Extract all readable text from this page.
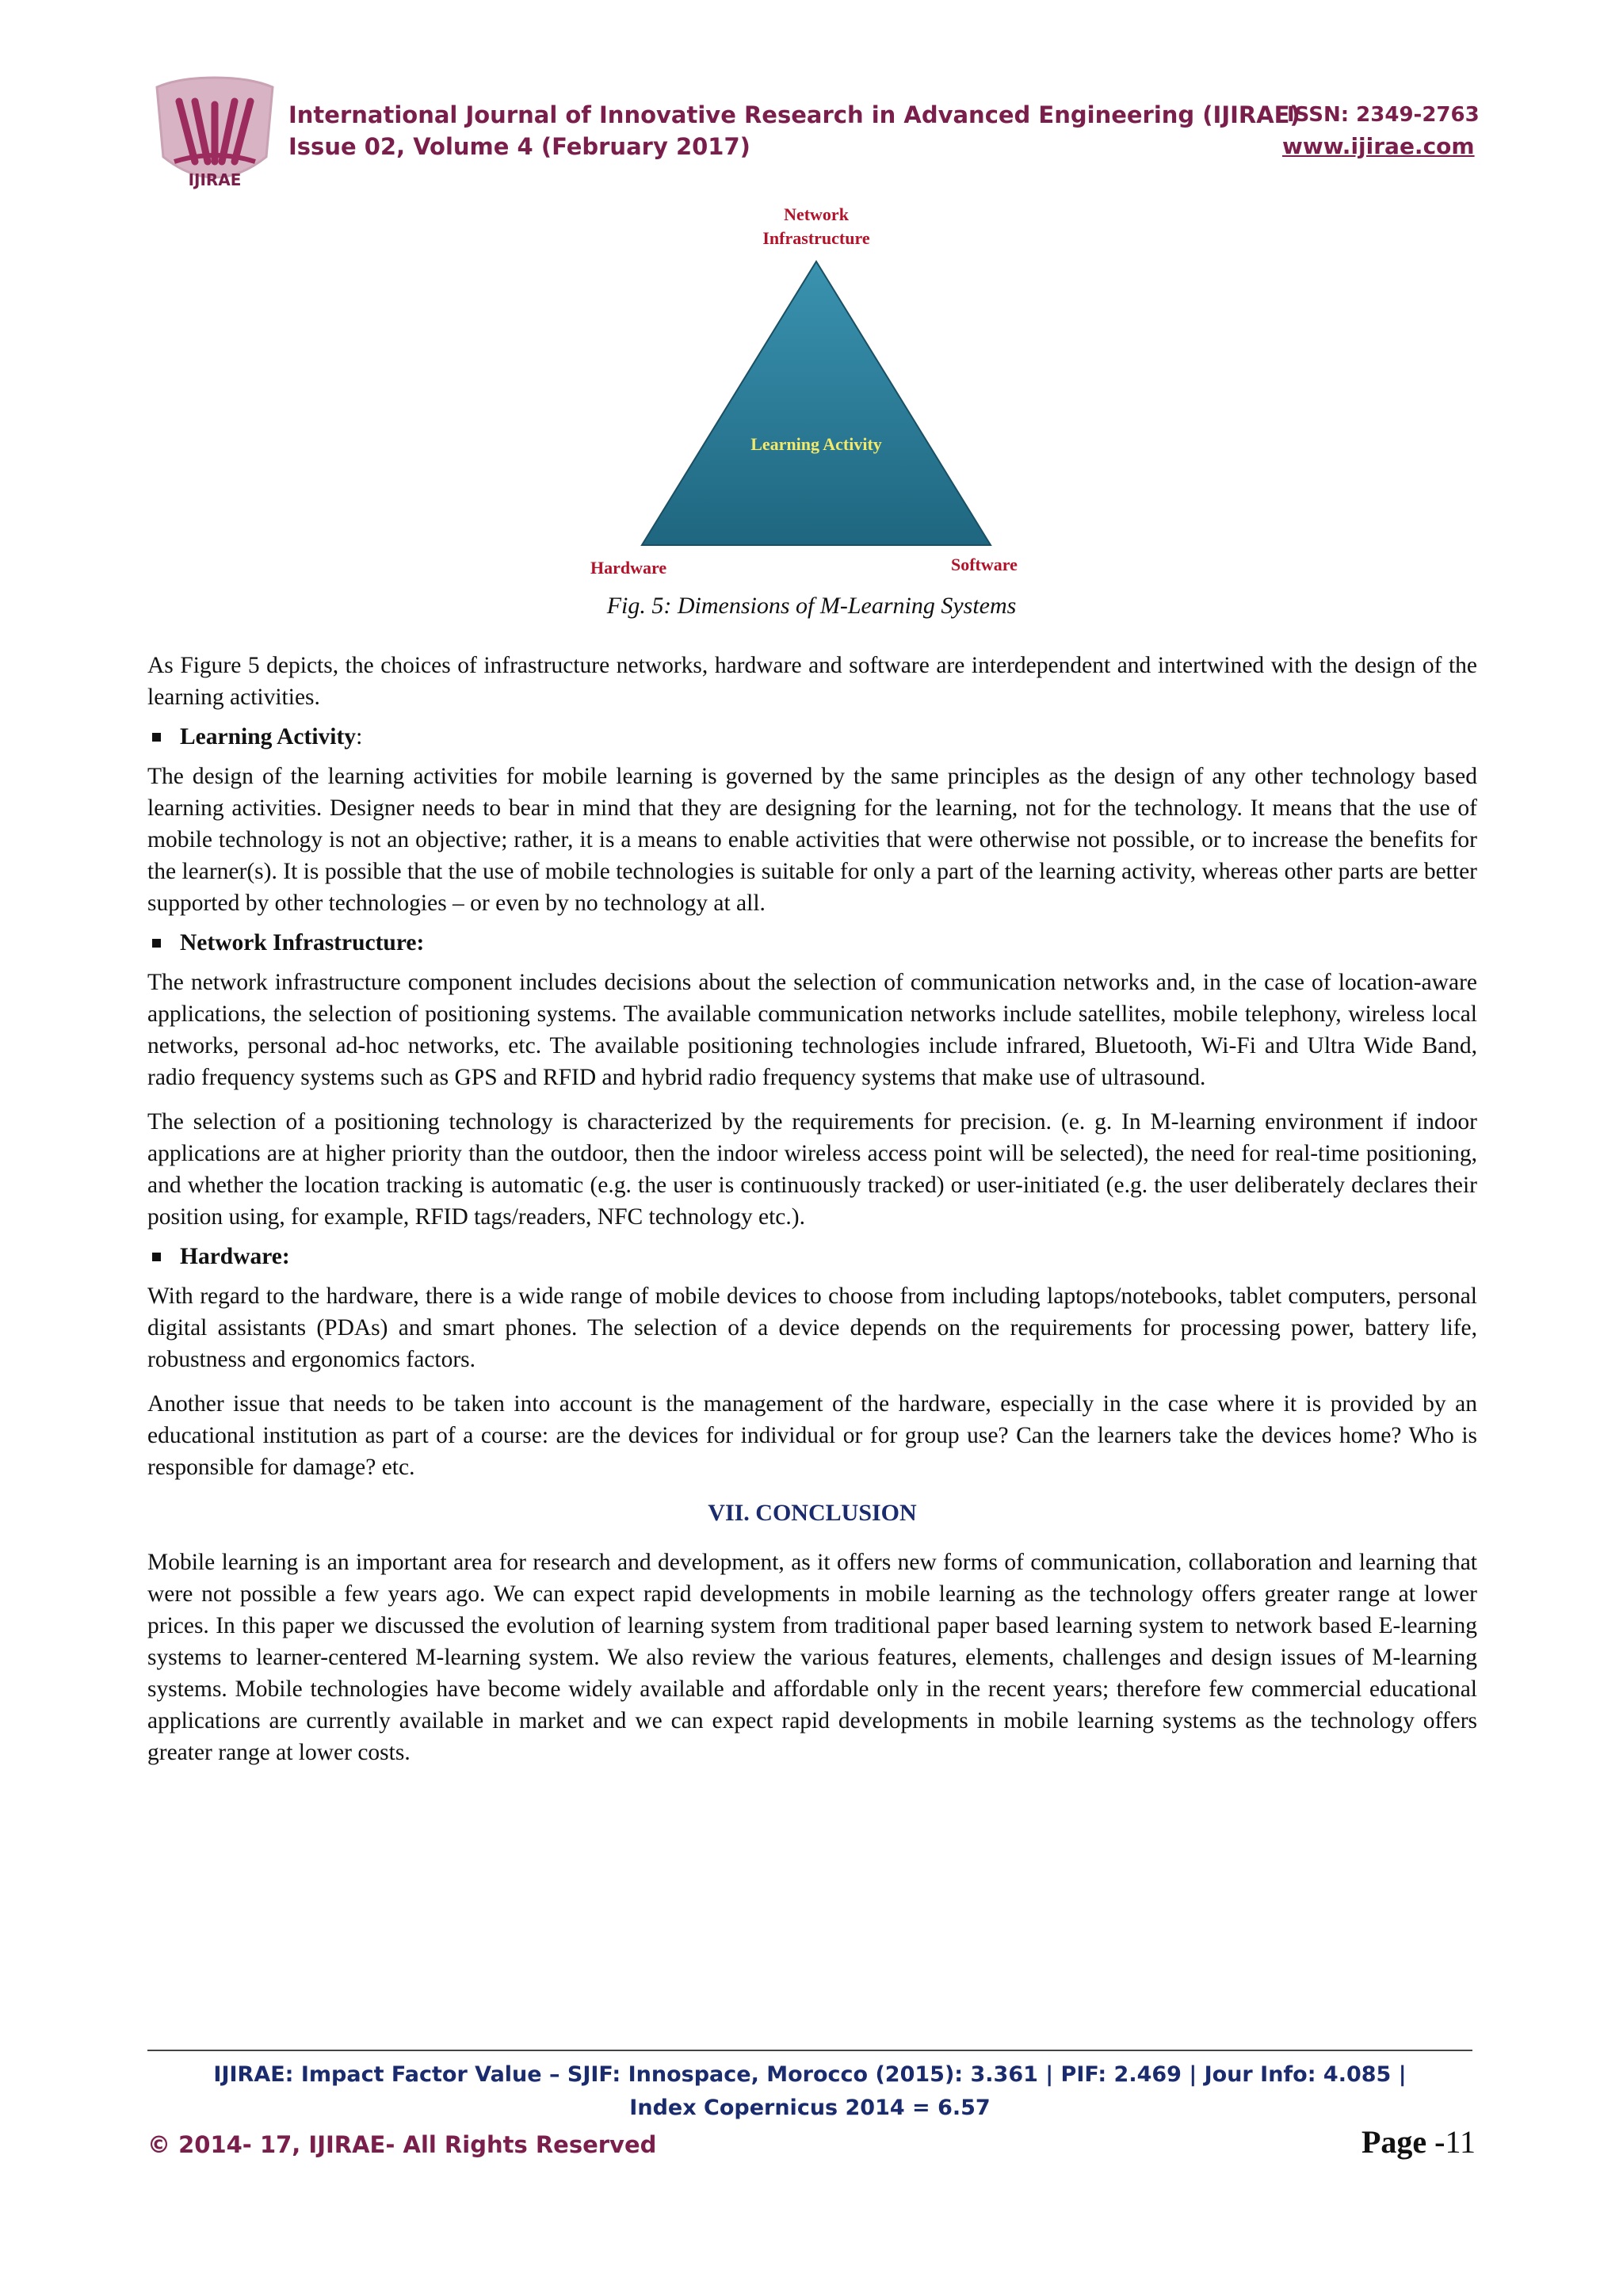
IJIRAE
International Journal of Innovative Research in Advanced Engineering (IJIRAE)
ISSN: 2349-2763
Issue 02, Volume 4 (February 2017)	www.ijirae.com
Network
Infrastructure
Learning Activity
Hardware	Software
Fig. 5: Dimensions of M-Learning Systems

As Figure 5 depicts, the choices of infrastructure networks, hardware and software are interdependent and intertwined with the design of the learning activities.

Learning Activity :

The design of the learning activities for mobile learning is governed by the same principles as the design of any other technology based learning activities. Designer needs to bear in mind that they are designing for the learning, not for the technology. It means that the use of mobile technology is not an objective; rather, it is a means to enable activities that were otherwise not possible, or to increase the benefits for the learner(s). It is possible that the use of mobile technologies is suitable for only a part of the learning activity, whereas other parts are better supported by other technologies – or even by no technology at all.

Network Infrastructure:

The network infrastructure component includes decisions about the selection of communication networks and, in the case of location-aware applications, the selection of positioning systems. The available communication networks include satellites, mobile telephony, wireless local networks, personal ad-hoc networks, etc. The available positioning technologies include infrared, Bluetooth, Wi-Fi and Ultra Wide Band, radio frequency systems such as GPS and RFID and hybrid radio frequency systems that make use of ultrasound.

The selection of a positioning technology is characterized by the requirements for precision. (e. g. In M-learning environment if indoor applications are at higher priority than the outdoor, then the indoor wireless access point will be selected), the need for real-time positioning, and whether the location tracking is automatic (e.g. the user is continuously tracked) or user-initiated (e.g. the user deliberately declares their position using, for example, RFID tags/readers, NFC technology etc.).

Hardware:

With regard to the hardware, there is a wide range of mobile devices to choose from including laptops/notebooks, tablet computers, personal digital assistants (PDAs) and smart phones. The selection of a device depends on the requirements for processing power, battery life, robustness and ergonomics factors.

Another issue that needs to be taken into account is the management of the hardware, especially in the case where it is provided by an educational institution as part of a course: are the devices for individual or for group use? Can the learners take the devices home? Who is responsible for damage? etc.

VII. CONCLUSION

Mobile learning is an important area for research and development, as it offers new forms of communication, collaboration and learning that were not possible a few years ago. We can expect rapid developments in mobile learning as the technology offers greater range at lower prices. In this paper we discussed the evolution of learning system from traditional paper based learning system to network based E-learning systems to learner-centered M-learning system. We also review the various features, elements, challenges and design issues of M-learning systems. Mobile technologies have become widely available and affordable only in the recent years; therefore few commercial educational applications are currently available in market and we can expect rapid developments in mobile learning systems as the technology offers greater range at lower costs.

IJIRAE: Impact Factor Value – SJIF: Innospace, Morocco (2015): 3.361 | PIF: 2.469 | Jour Info: 4.085 |
Index Copernicus 2014 = 6.57
© 2014- 17, IJIRAE- All Rights Reserved	Page -11
